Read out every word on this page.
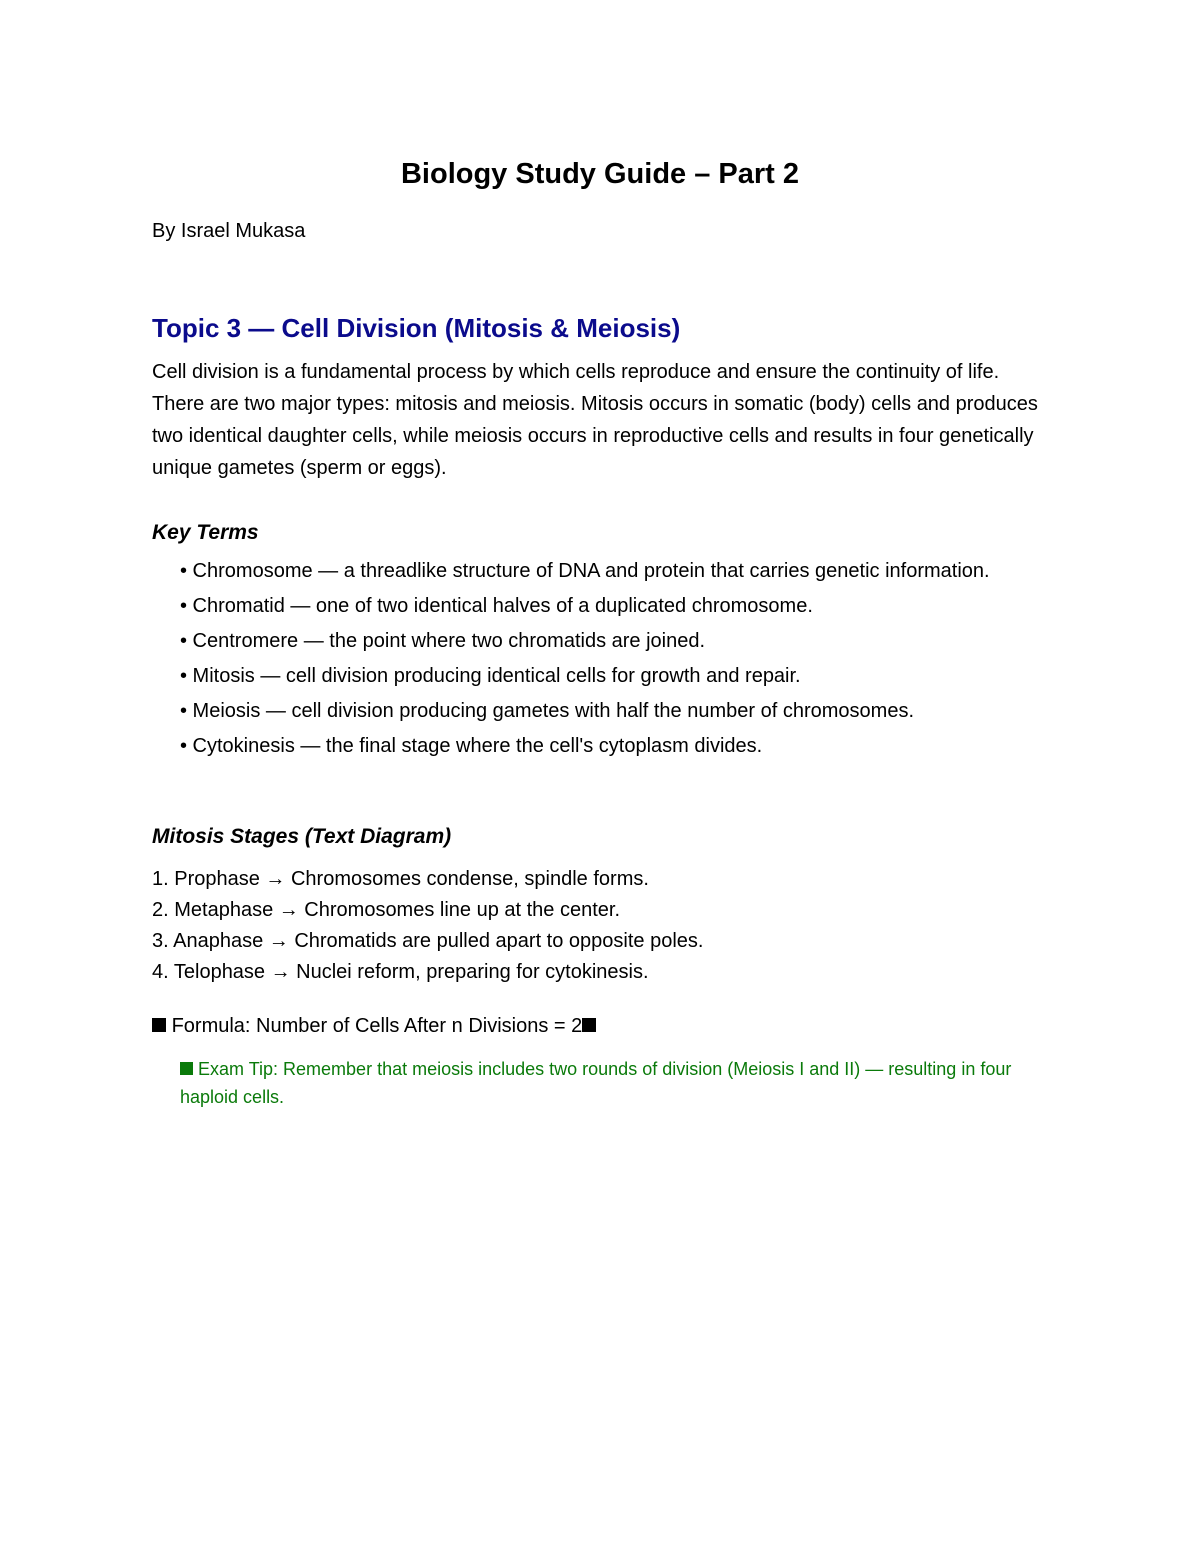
Biology Study Guide – Part 2

By Israel Mukasa

Topic 3 — Cell Division (Mitosis & Meiosis)

Cell division is a fundamental process by which cells reproduce and ensure the continuity of life. There are two major types: mitosis and meiosis. Mitosis occurs in somatic (body) cells and produces two identical daughter cells, while meiosis occurs in reproductive cells and results in four genetically unique gametes (sperm or eggs).

Key Terms
• Chromosome — a threadlike structure of DNA and protein that carries genetic information.
• Chromatid — one of two identical halves of a duplicated chromosome.
• Centromere — the point where two chromatids are joined.
• Mitosis — cell division producing identical cells for growth and repair.
• Meiosis — cell division producing gametes with half the number of chromosomes.
• Cytokinesis — the final stage where the cell's cytoplasm divides.
Mitosis Stages (Text Diagram)
1. Prophase → Chromosomes condense, spindle forms.
2. Metaphase → Chromosomes line up at the center.
3. Anaphase → Chromatids are pulled apart to opposite poles.
4. Telophase → Nuclei reform, preparing for cytokinesis.

Formula: Number of Cells After n Divisions = 2

Exam Tip: Remember that meiosis includes two rounds of division (Meiosis I and II) — resulting in four haploid cells.
